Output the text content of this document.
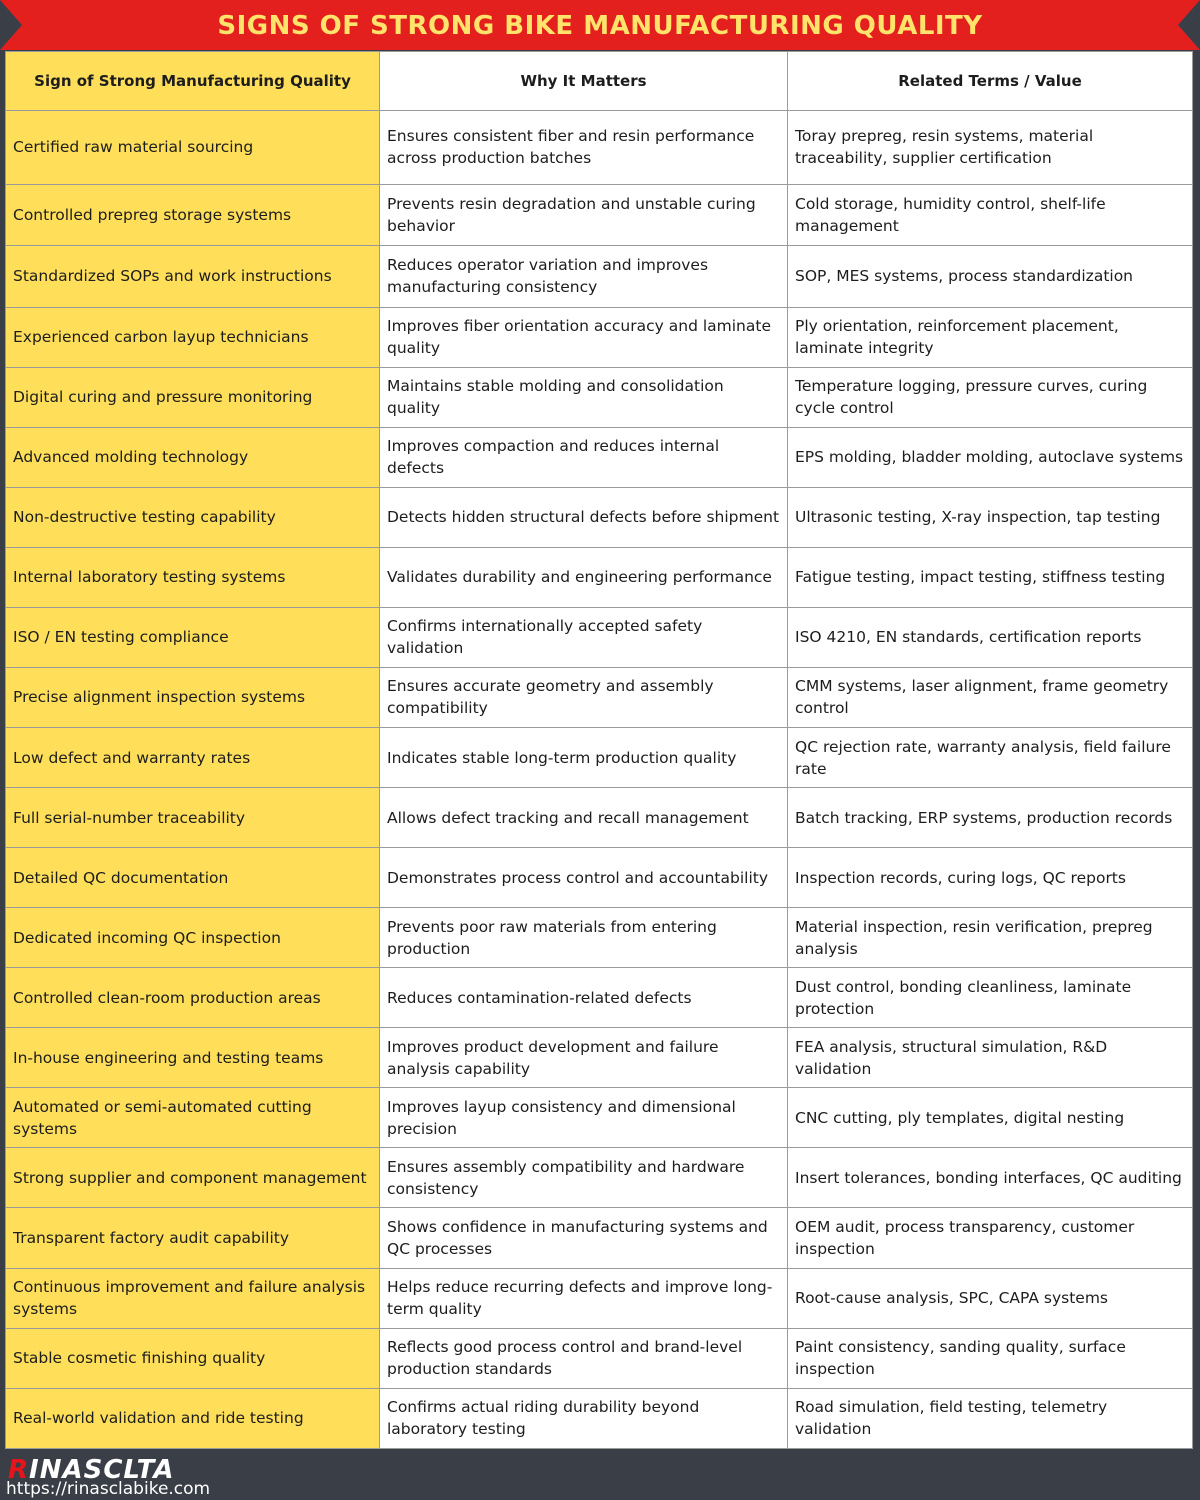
SIGNS OF STRONG BIKE MANUFACTURING QUALITY
Sign of Strong Manufacturing Quality	Why It Matters	Related Terms / Value
Certified raw material sourcing	Ensures consistent fiber and resin performance across production batches	Toray prepreg, resin systems, material traceability, supplier certification
Controlled prepreg storage systems	Prevents resin degradation and unstable curing behavior	Cold storage, humidity control, shelf-life management
Standardized SOPs and work instructions	Reduces operator variation and improves manufacturing consistency	SOP, MES systems, process standardization
Experienced carbon layup technicians	Improves fiber orientation accuracy and laminate quality	Ply orientation, reinforcement placement, laminate integrity
Digital curing and pressure monitoring	Maintains stable molding and consolidation quality	Temperature logging, pressure curves, curing cycle control
Advanced molding technology	Improves compaction and reduces internal defects	EPS molding, bladder molding, autoclave systems
Non-destructive testing capability	Detects hidden structural defects before shipment	Ultrasonic testing, X-ray inspection, tap testing
Internal laboratory testing systems	Validates durability and engineering performance	Fatigue testing, impact testing, stiffness testing
ISO / EN testing compliance	Confirms internationally accepted safety validation	ISO 4210, EN standards, certification reports
Precise alignment inspection systems	Ensures accurate geometry and assembly compatibility	CMM systems, laser alignment, frame geometry control
Low defect and warranty rates	Indicates stable long-term production quality	QC rejection rate, warranty analysis, field failure rate
Full serial-number traceability	Allows defect tracking and recall management	Batch tracking, ERP systems, production records
Detailed QC documentation	Demonstrates process control and accountability	Inspection records, curing logs, QC reports
Dedicated incoming QC inspection	Prevents poor raw materials from entering production	Material inspection, resin verification, prepreg analysis
Controlled clean-room production areas	Reduces contamination-related defects	Dust control, bonding cleanliness, laminate protection
In-house engineering and testing teams	Improves product development and failure analysis capability	FEA analysis, structural simulation, R&D validation
Automated or semi-automated cutting systems	Improves layup consistency and dimensional precision	CNC cutting, ply templates, digital nesting
Strong supplier and component management	Ensures assembly compatibility and hardware consistency	Insert tolerances, bonding interfaces, QC auditing
Transparent factory audit capability	Shows confidence in manufacturing systems and QC processes	OEM audit, process transparency, customer inspection
Continuous improvement and failure analysis systems	Helps reduce recurring defects and improve long-term quality	Root-cause analysis, SPC, CAPA systems
Stable cosmetic finishing quality	Reflects good process control and brand-level production standards	Paint consistency, sanding quality, surface inspection
Real-world validation and ride testing	Confirms actual riding durability beyond laboratory testing	Road simulation, field testing, telemetry validation
RINASCLTA
https://rinasclabike.com
